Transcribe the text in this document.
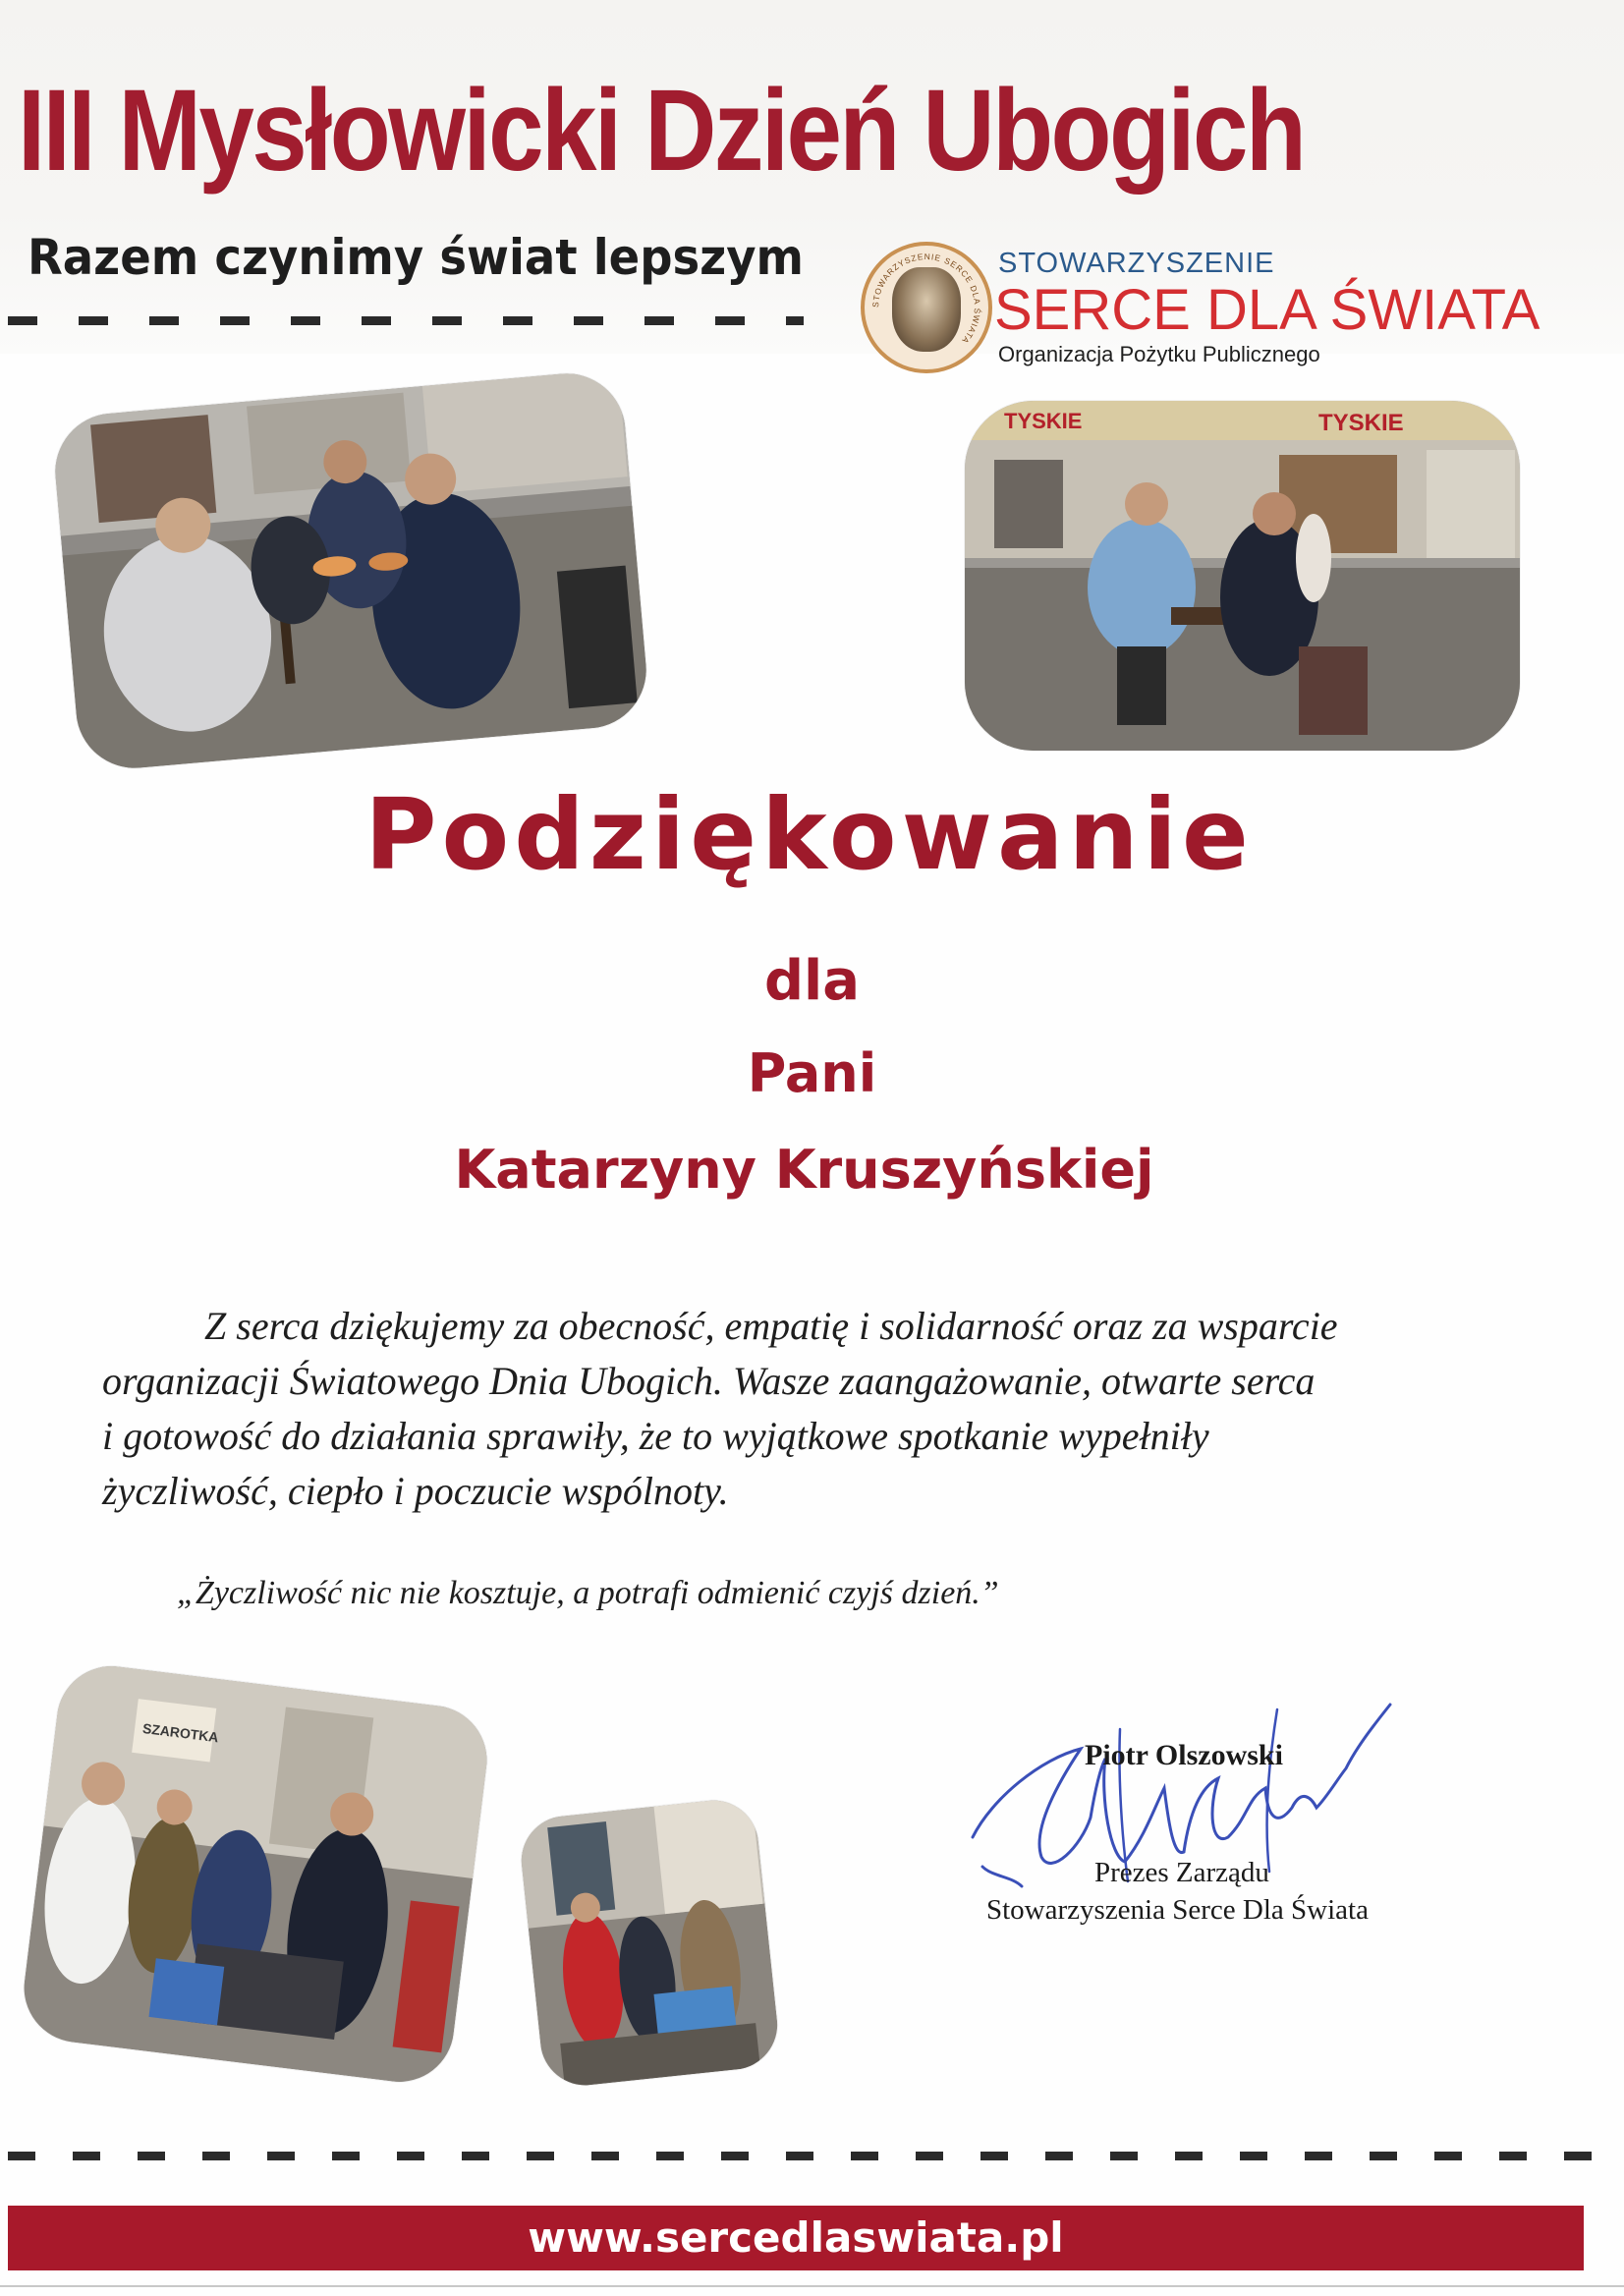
III Mysłowicki Dzień Ubogich
Razem czynimy świat lepszym
STOWARZYSZENIE SERCE DLA ŚWIATA
STOWARZYSZENIE
SERCE DLA ŚWIATA
Organizacja Pożytku Publicznego
TYSKIE	TYSKIE
Podziękowanie
dla
Pani
Katarzyny Kruszyńskiej
Z serca dziękujemy za obecność, empatię i solidarność oraz za wsparcie
organizacji Światowego Dnia Ubogich. Wasze zaangażowanie, otwarte serca
i gotowość do działania sprawiły, że to wyjątkowe spotkanie wypełniły
życzliwość, ciepło i poczucie wspólnoty.
„Życzliwość nic nie kosztuje, a potrafi odmienić czyjś dzień.”
SZAROTKA
Piotr Olszowski
Prezes Zarządu
Stowarzyszenia Serce Dla Świata
www.sercedlaswiata.pl
